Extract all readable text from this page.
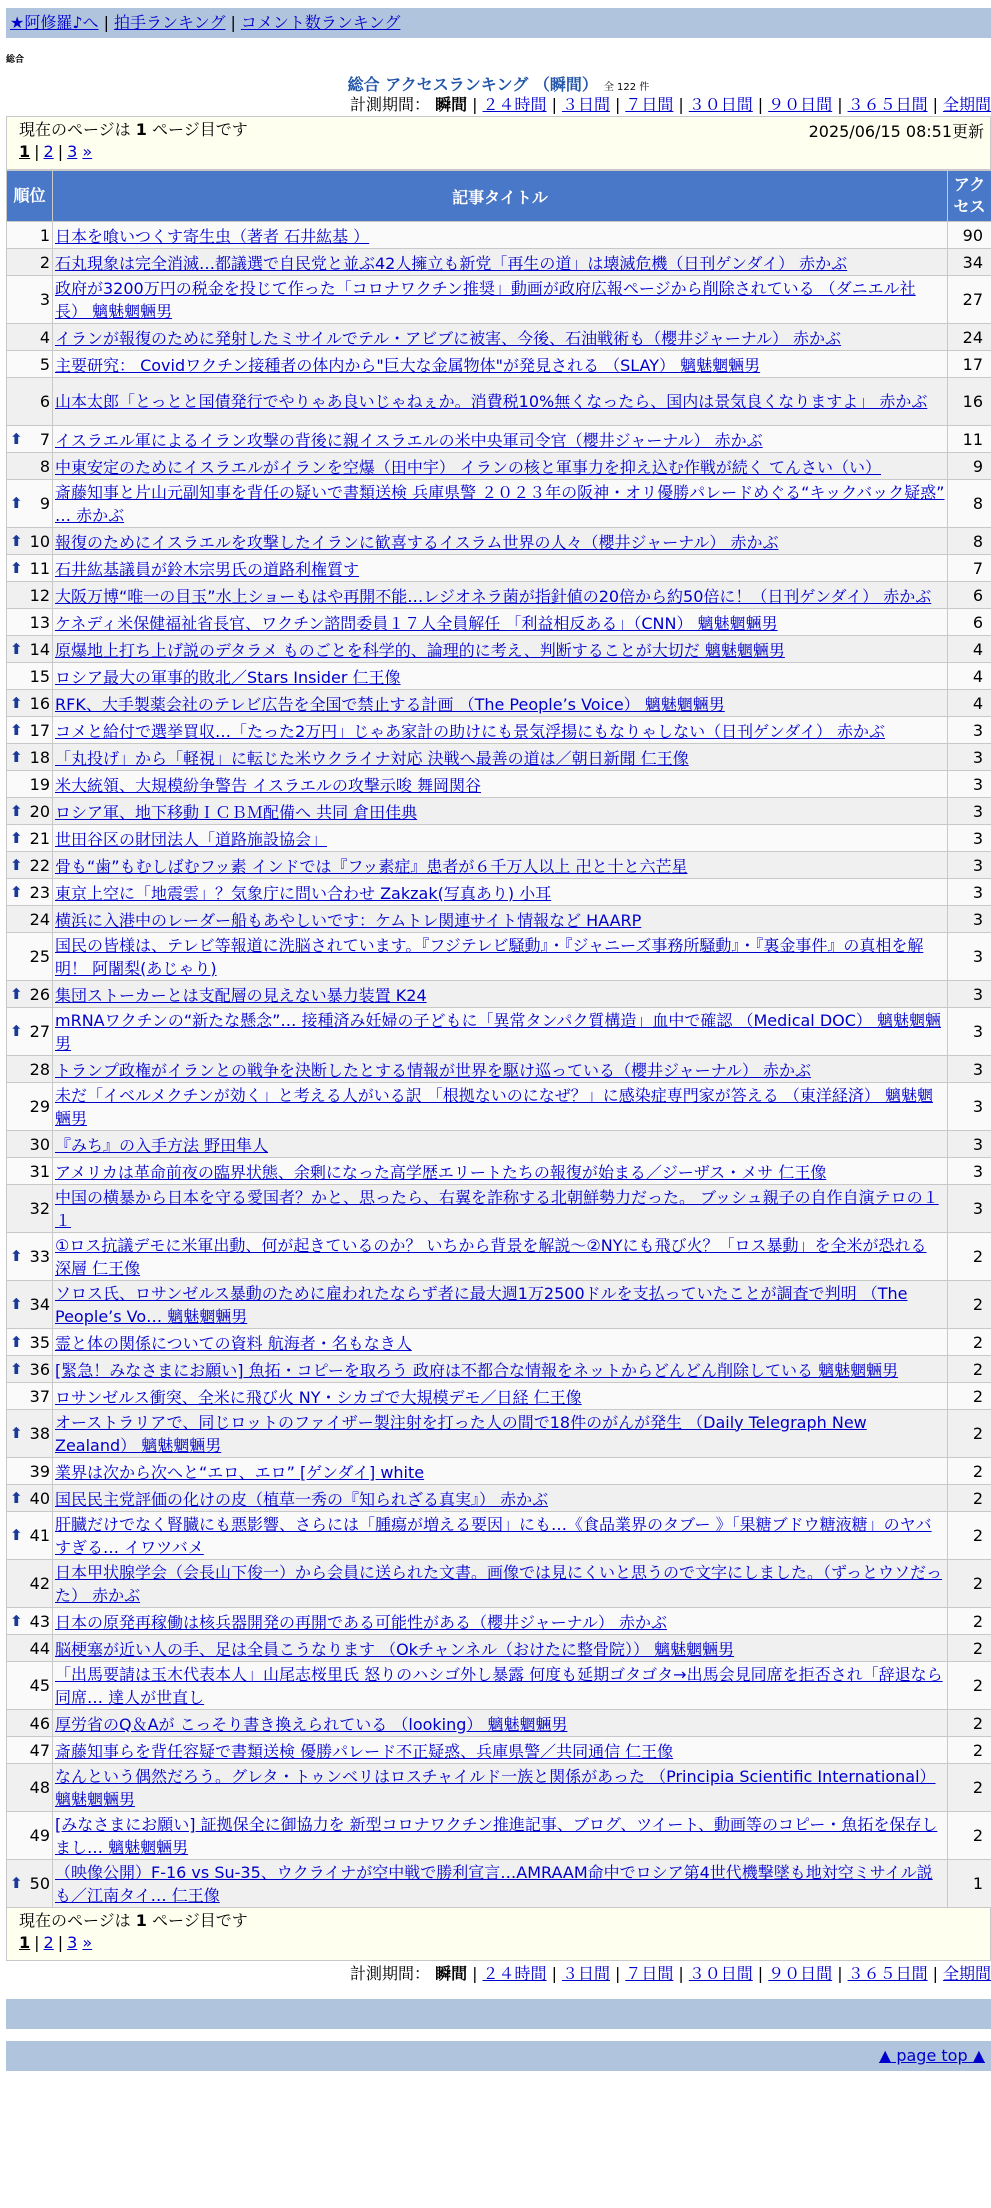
★阿修羅♪へ | 拍手ランキング | コメント数ランキング
総合
総合 アクセスランキング （瞬間） 全 122 件
計測期間： 瞬間 | ２４時間 | ３日間 | ７日間 | ３０日間 | ９０日間 | ３６５日間 | 全期間
現在のページは 1 ページ目です	2025/06/15 08:51更新
1 | 2 | 3 »
順位	記事タイトル	アクセス
1	日本を喰いつくす寄生虫（著者 石井紘基 ）	90
2	石丸現象は完全消滅…都議選で自民党と並ぶ42人擁立も新党「再生の道」は壊滅危機（日刊ゲンダイ） 赤かぶ	34
3	政府が3200万円の税金を投じて作った「コロナワクチン推奨」動画が政府広報ページから削除されている （ダニエル社長） 魑魅魍魎男	27
4	イランが報復のために発射したミサイルでテル・アビブに被害、今後、石油戦術も（櫻井ジャーナル） 赤かぶ	24
5	主要研究： Covidワクチン接種者の体内から"巨大な金属物体"が発見される （SLAY） 魑魅魍魎男	17
6	山本太郎「とっとと国債発行でやりゃあ良いじゃねぇか。消費税10%無くなったら、国内は景気良くなりますよ」 赤かぶ	16

⬆ 7	イスラエル軍によるイラン攻撃の背後に親イスラエルの米中央軍司令官（櫻井ジャーナル） 赤かぶ	11
8	中東安定のためにイスラエルがイランを空爆（田中宇） イランの核と軍事力を抑え込む作戦が続く てんさい（い）	9

⬆ 9	斎藤知事と片山元副知事を背任の疑いで書類送検 兵庫県警 ２０２３年の阪神・オリ優勝パレードめぐる“キックバック疑惑” … 赤かぶ	8

⬆ 10	報復のためにイスラエルを攻撃したイランに歓喜するイスラム世界の人々（櫻井ジャーナル） 赤かぶ	8

⬆ 11	石井紘基議員が鈴木宗男氏の道路利権質す	7
12	大阪万博“唯一の目玉”水上ショーもはや再開不能…レジオネラ菌が指針値の20倍から約50倍に！（日刊ゲンダイ） 赤かぶ	6
13	ケネディ米保健福祉省長官、ワクチン諮問委員１７人全員解任 「利益相反ある」（CNN） 魑魅魍魎男	6

⬆ 14	原爆地上打ち上げ説のデタラメ ものごとを科学的、論理的に考え、判断することが大切だ 魑魅魍魎男	4
15	ロシア最大の軍事的敗北／Stars Insider 仁王像	4

⬆ 16	RFK、大手製薬会社のテレビ広告を全国で禁止する計画 （The People’s Voice） 魑魅魍魎男	4

⬆ 17	コメと給付で選挙買収…「たった2万円」じゃあ家計の助けにも景気浮揚にもなりゃしない（日刊ゲンダイ） 赤かぶ	3

⬆ 18	「丸投げ」から「軽視」に転じた米ウクライナ対応 決戦へ最善の道は／朝日新聞 仁王像	3
19	米大統領、大規模紛争警告 イスラエルの攻撃示唆 舞岡関谷	3

⬆ 20	ロシア軍、地下移動ＩＣＢＭ配備へ 共同 倉田佳典	3

⬆ 21	世田谷区の財団法人「道路施設協会」	3

⬆ 22	骨も“歯”もむしばむフッ素 インドでは『フッ素症』患者が６千万人以上 卍と十と六芒星	3

⬆ 23	東京上空に「地震雲」？気象庁に問い合わせ Zakzak(写真あり) 小耳	3
24	横浜に入港中のレーダー船もあやしいです：ケムトレ関連サイト情報など HAARP	3
25	国民の皆様は、テレビ等報道に洗脳されています。『フジテレビ騒動』・『ジャニーズ事務所騒動』・『裏金事件』の真相を解明！ 阿闍梨(あじゃり)	3

⬆ 26	集団ストーカーとは支配層の見えない暴力装置 K24	3

⬆ 27	mRNAワクチンの“新たな懸念”… 接種済み妊婦の子どもに「異常タンパク質構造」血中で確認 （Medical DOC） 魑魅魍魎男	3
28	トランプ政権がイランとの戦争を決断したとする情報が世界を駆け巡っている（櫻井ジャーナル） 赤かぶ	3
29	未だ「イベルメクチンが効く」と考える人がいる訳 「根拠ないのになぜ？」に感染症専門家が答える （東洋経済） 魑魅魍魎男	3
30	『みち』の入手方法 野田隼人	3
31	アメリカは革命前夜の臨界状態、余剰になった高学歴エリートたちの報復が始まる／ジーザス・メサ 仁王像	3
32	中国の横暴から日本を守る愛国者？かと、思ったら、右翼を詐称する北朝鮮勢力だった。 ブッシュ親子の自作自演テロの１１	3

⬆ 33	①ロス抗議デモに米軍出動、何が起きているのか？ いちから背景を解説～②NYにも飛び火？「ロス暴動」を全米が恐れる 深層 仁王像	2

⬆ 34	ソロス氏、ロサンゼルス暴動のために雇われたならず者に最大週1万2500ドルを支払っていたことが調査で判明 （The People’s Vo… 魑魅魍魎男	2

⬆ 35	霊と体の関係についての資料 航海者・名もなき人	2

⬆ 36	[緊急！みなさまにお願い] 魚拓・コピーを取ろう 政府は不都合な情報をネットからどんどん削除している 魑魅魍魎男	2
37	ロサンゼルス衝突、全米に飛び火 NY・シカゴで大規模デモ／日経 仁王像	2

⬆ 38	オーストラリアで、同じロットのファイザー製注射を打った人の間で18件のがんが発生 （Daily Telegraph New Zealand） 魑魅魍魎男	2
39	業界は次から次へと“エロ、エロ” [ゲンダイ] white	2

⬆ 40	国民民主党評価の化けの皮（植草一秀の『知られざる真実』） 赤かぶ	2

⬆ 41	肝臓だけでなく腎臓にも悪影響、さらには「腫瘍が増える要因」にも…《食品業界のタブー 》「果糖ブドウ糖液糖」のヤバすぎる… イワツバメ	2
42	日本甲状腺学会（会長山下俊一）から会員に送られた文書。画像では見にくいと思うので文字にしました。（ずっとウソだった） 赤かぶ	2

⬆ 43	日本の原発再稼働は核兵器開発の再開である可能性がある（櫻井ジャーナル） 赤かぶ	2
44	脳梗塞が近い人の手、足は全員こうなります （Okチャンネル（おけたに整骨院）） 魑魅魍魎男	2
45	「出馬要請は玉木代表本人」山尾志桜里氏 怒りのハシゴ外し暴露 何度も延期ゴタゴタ→出馬会見同席を拒否され「辞退なら同席… 達人が世直し	2
46	厚労省のQ＆Aが こっそり書き換えられている （looking） 魑魅魍魎男	2
47	斎藤知事らを背任容疑で書類送検 優勝パレード不正疑惑、兵庫県警／共同通信 仁王像	2
48	なんという偶然だろう。グレタ・トゥンベリはロスチャイルド一族と関係があった （Principia Scientific International） 魑魅魍魎男	2
49	[みなさまにお願い] 証拠保全に御協力を 新型コロナワクチン推進記事、ブログ、ツイート、動画等のコピー・魚拓を保存しまし… 魑魅魍魎男	2

⬆ 50	（映像公開）F-16 vs Su-35、ウクライナが空中戦で勝利宣言…AMRAAM命中でロシア第4世代機撃墜も地対空ミサイル説も／江南タイ… 仁王像	1
現在のページは 1 ページ目です
1 | 2 | 3 »
計測期間： 瞬間 | ２４時間 | ３日間 | ７日間 | ３０日間 | ９０日間 | ３６５日間 | 全期間
▲ page top ▲
